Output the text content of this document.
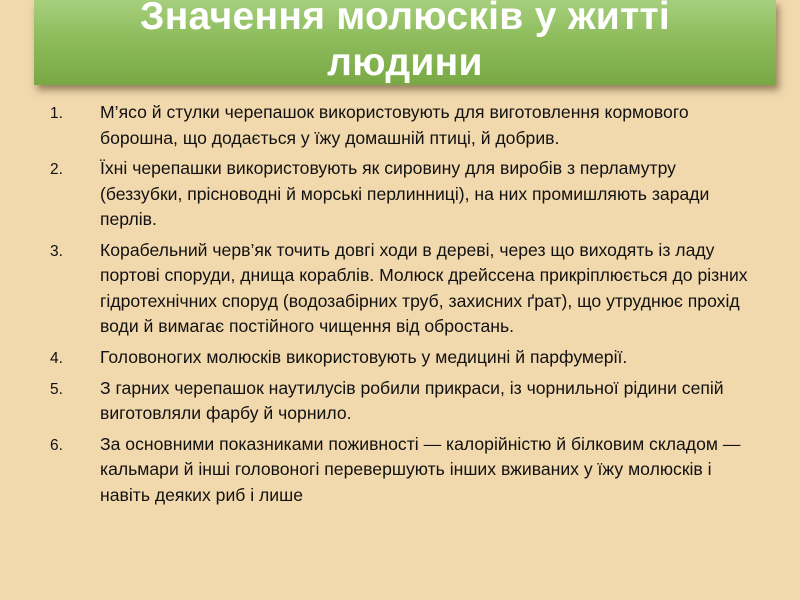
Значення молюсків у житті людини
1.	М’ясо й стулки черепашок використовують для виготовлення кормового борошна, що додається у їжу домашній птиці, й добрив.
2.	Їхні черепашки використовують як сировину для виробів з перламутру (беззубки, прісноводні й морські перлинниці), на них промишляють заради перлів.
3.	Корабельний черв’як точить довгі ходи в дереві, через що виходять із ладу портові споруди, днища кораблів. Молюск дрейссена прикріплюється до різних гідротехнічних споруд (водозабірних труб, захисних ґрат), що утруднює прохід води й вимагає постійного чищення від обростань.
4.	Головоногих молюсків використовують у медицині й парфумерії.
5.	З гарних черепашок наутилусів робили прикраси, із чорнильної рідини сепій виготовляли фарбу й чорнило.
6.	За основними показниками поживності — калорійністю й білковим складом — кальмари й інші головоногі перевершують інших вживаних у їжу молюсків і навіть деяких риб і лише
